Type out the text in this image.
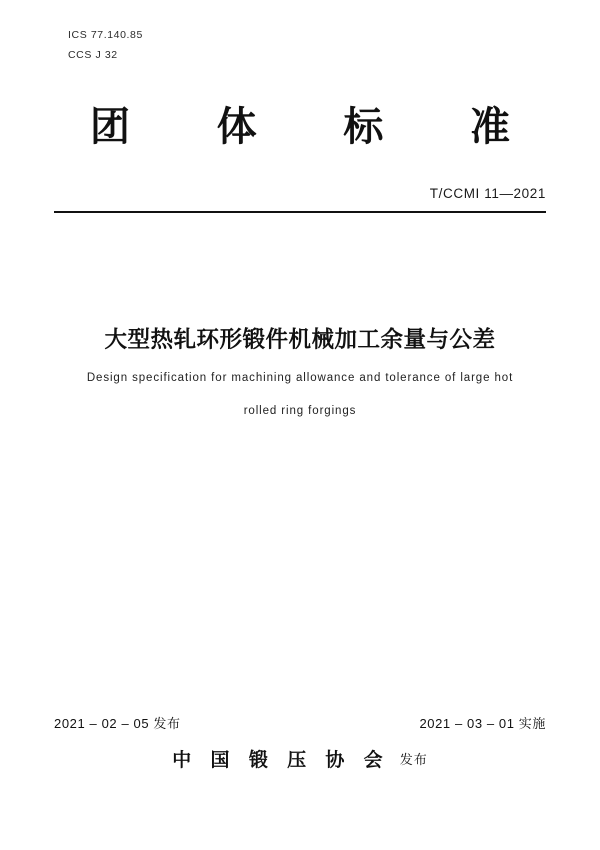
ICS 77.140.85
CCS J 32
团 体 标 准
T/CCMI 11—2021
大型热轧环形锻件机械加工余量与公差
Design specification for machining allowance and tolerance of large hot
rolled ring forgings
2021 – 02 – 05 发布	2021 – 03 – 01 实施
中 国 锻 压 协 会 发布
